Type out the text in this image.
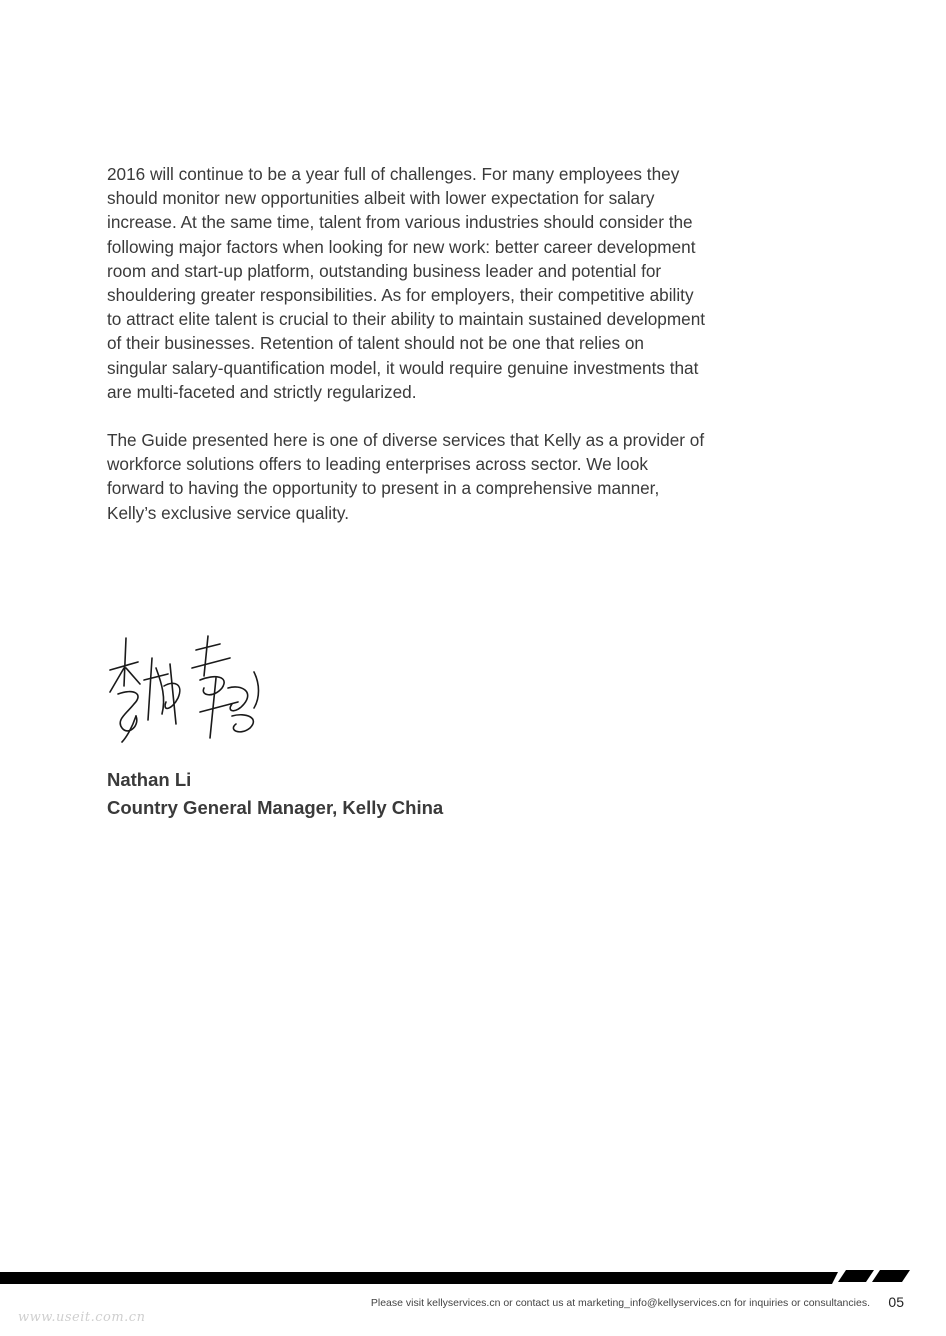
2016 will continue to be a year full of challenges. For many employees they should monitor new opportunities albeit with lower expectation for salary increase. At the same time, talent from various industries should consider the following major factors when looking for new work: better career development room and start-up platform, outstanding business leader and potential for shouldering greater responsibilities. As for employers, their competitive ability to attract elite talent is crucial to their ability to maintain sustained development of their businesses. Retention of talent should not be one that relies on singular salary-quantification model, it would require genuine investments that are multi-faceted and strictly regularized.

The Guide presented here is one of diverse services that Kelly as a provider of workforce solutions offers to leading enterprises across sector. We look forward to having the opportunity to present in a comprehensive manner, Kelly’s exclusive service quality.

Nathan Li
Country General Manager, Kelly China
Please visit kellyservices.cn or contact us at marketing_info@kellyservices.cn for inquiries or consultancies. 05
www.useit.com.cn
